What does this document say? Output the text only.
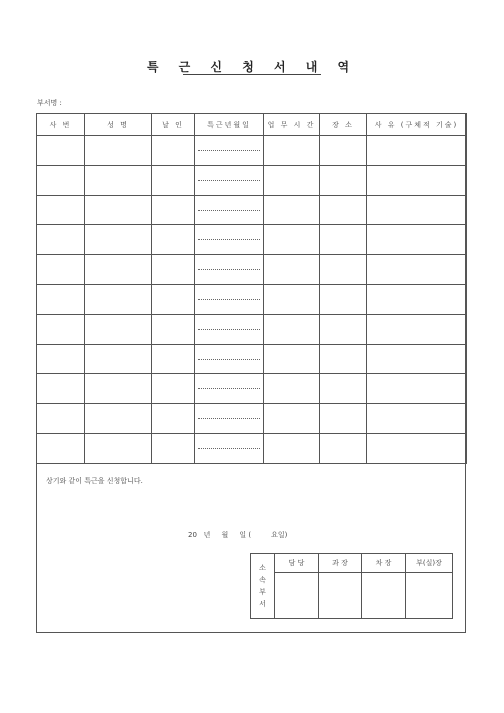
특 근 신 청 서 내 역
부서명 :
사 번	성 명	날 인	특근년월일	업 무 시 간	장 소	사 유 (구체적 기술)

상기와 같이 특근을 신청합니다.
20   년     월     일 (         요일)
소
속
부
서	담 당	과 장	차 장	부(실)장
